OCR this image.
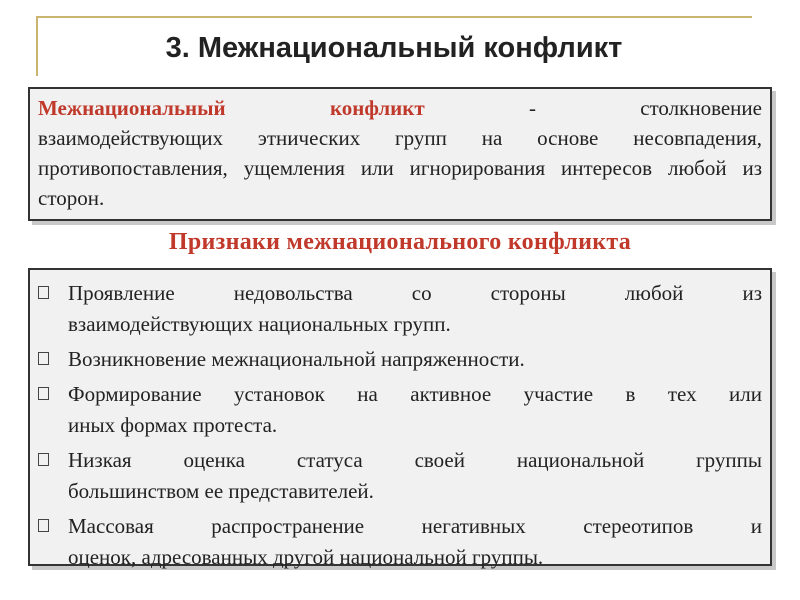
3. Межнациональный конфликт
Межнациональный	конфликт	-	столкновение
взаимодействующих этнических групп на основе несовпадения, противопоставления, ущемления или игнорирования интересов любой из сторон.
Признаки межнационального конфликта
Проявление недовольства со стороны любой из
взаимодействующих национальных групп.
Возникновение межнациональной напряженности.
Формирование установок на активное участие в тех или
иных формах протеста.
Низкая оценка статуса своей национальной группы
большинством ее представителей.
Массовая распространение негативных стереотипов и
оценок, адресованных другой национальной группы.
